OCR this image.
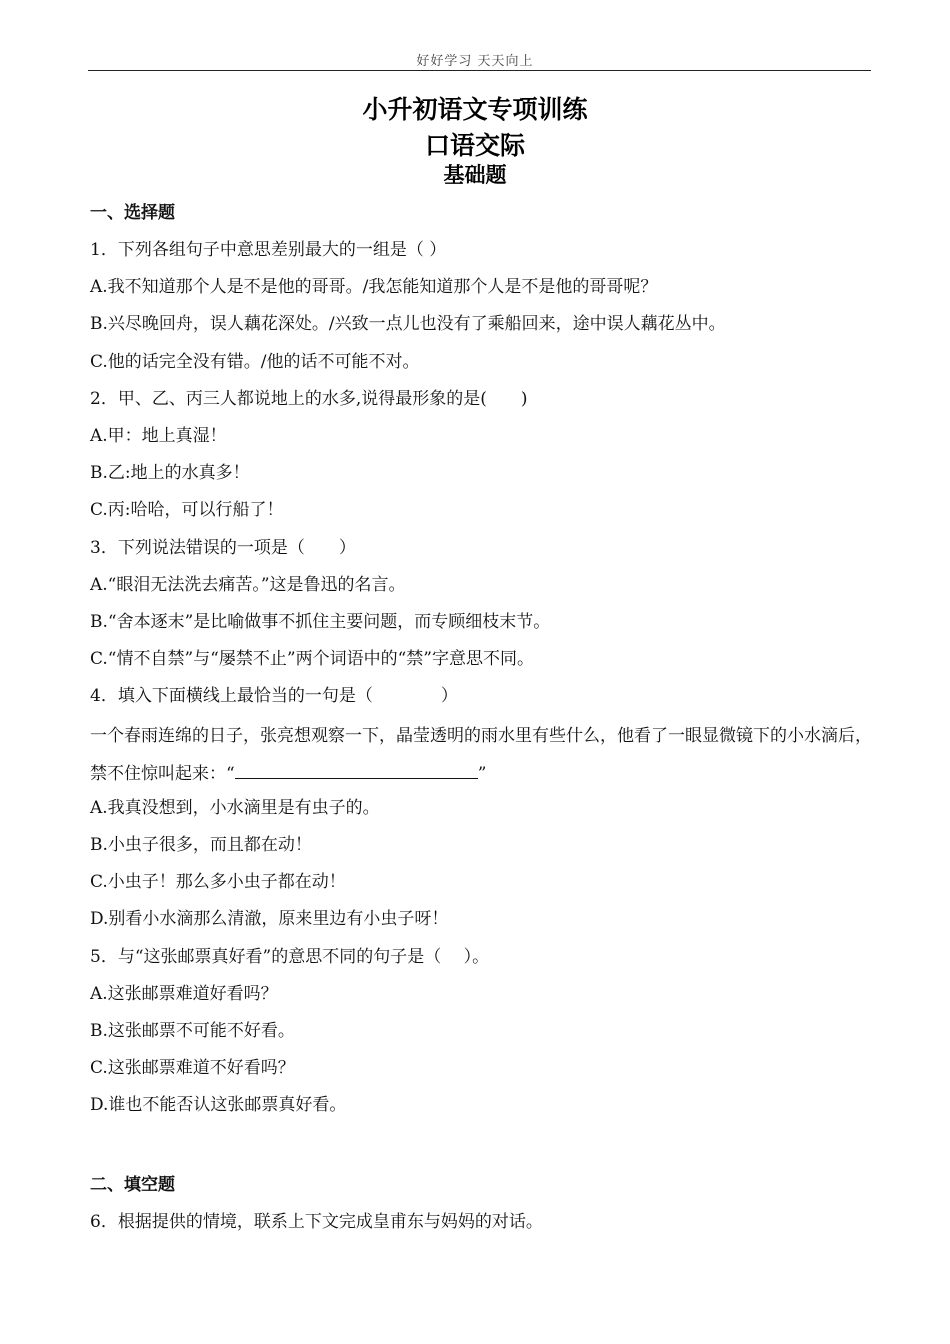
好好学习 天天向上
小升初语文专项训练
口语交际
基础题
一、选择题
1．下列各组句子中意思差别最大的一组是（ ）
A.我不知道那个人是不是他的哥哥。/我怎能知道那个人是不是他的哥哥呢？
B.兴尽晚回舟，误人藕花深处。/兴致一点儿也没有了乘船回来，途中误人藕花丛中。
C.他的话完全没有错。/他的话不可能不对。
2．甲、乙、丙三人都说地上的水多,说得最形象的是(　　)
A.甲：地上真湿！
B.乙:地上的水真多！
C.丙:哈哈，可以行船了！
3．下列说法错误的一项是（　　）
A.“眼泪无法洗去痛苦。”这是鲁迅的名言。
B.“舍本逐末”是比喻做事不抓住主要问题，而专顾细枝末节。
C.“情不自禁”与“屡禁不止”两个词语中的“禁”字意思不同。
4．填入下面横线上最恰当的一句是（　　　　）
一个春雨连绵的日子，张亮想观察一下，晶莹透明的雨水里有些什么，他看了一眼显微镜下的小水滴后，禁不住惊叫起来：“	”
A.我真没想到，小水滴里是有虫子的。
B.小虫子很多，而且都在动！
C.小虫子！那么多小虫子都在动！
D.别看小水滴那么清澈，原来里边有小虫子呀！
5．与“这张邮票真好看”的意思不同的句子是（　 ）。
A.这张邮票难道好看吗？
B.这张邮票不可能不好看。
C.这张邮票难道不好看吗？
D.谁也不能否认这张邮票真好看。
二、填空题
6．根据提供的情境，联系上下文完成皇甫东与妈妈的对话。
